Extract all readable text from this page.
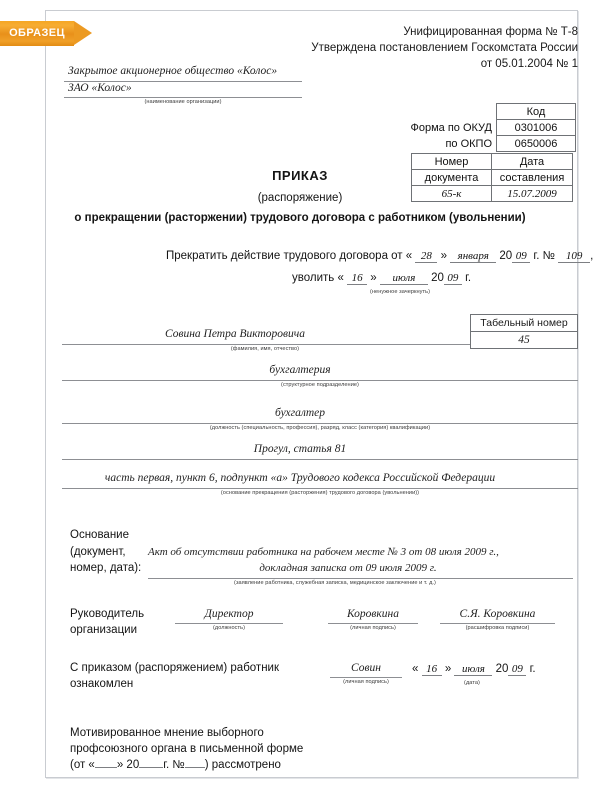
ОБРАЗЕЦ	Унифицированная форма № Т-8
Утверждена постановлением Госкомстата России
от 05.01.2004 № 1
Закрытое акционерное общество «Колос»
ЗАО «Колос»
(наименование организации)
	Код
Форма по ОКУД	0301006
по ОКПО	0650006
Номер	Дата
документа	составления
65-к	15.07.2009
ПРИКАЗ
(распоряжение)
о прекращении (расторжении) трудового договора с работником (увольнении)
Прекратить действие трудового договора от « 28 » января 20 09 г. № 109 ,
уволить « 16 » июля 20 09 г.
(ненужное зачеркнуть)
Табельный номер
45
Совина Петра Викторовича
(фамилия, имя, отчество)
бухгалтерия
(структурное подразделение)
бухгалтер
(должность (специальность, профессия), разряд, класс (категория) квалификации)
Прогул, статья 81
часть первая, пункт 6, подпункт «а» Трудового кодекса Российской Федерации
(основание прекращения (расторжения) трудового договора (увольнении))
Основание
(документ,
номер, дата):
Акт об отсутствии работника на рабочем месте № 3 от 08 июля 2009 г.,
докладная записка от 09 июля 2009 г.
(заявление работника, служебная записка, медицинское заключение и т. д.)
Руководитель
организации
Директор
(должность)
Коровкина
(личная подпись)
С.Я. Коровкина
(расшифровка подписи)
С приказом (распоряжением) работник
ознакомлен
Совин
(личная подпись)
« 16 » июля 20 09 г.
(дата)
Мотивированное мнение выборного
профсоюзного органа в письменной форме
(от « » 20 г. № ) рассмотрено
